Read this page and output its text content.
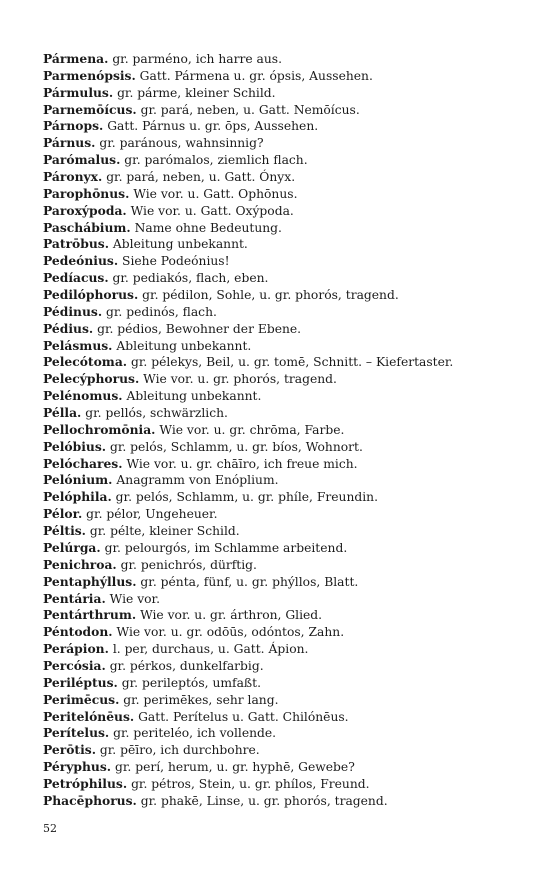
Pármena. gr. parméno, ich harre aus.
Parmenópsis. Gatt. Pármena u. gr. ópsis, Aussehen.
Pármulus. gr. párme, kleiner Schild.
Parnemōícus. gr. pará, neben, u. Gatt. Nemōícus.
Párnops. Gatt. Párnus u. gr. ōps, Aussehen.
Párnus. gr. paránous, wahnsinnig?
Parómalus. gr. parómalos, ziemlich flach.
Páronyx. gr. pará, neben, u. Gatt. Ónyx.
Parophōnus. Wie vor. u. Gatt. Ophōnus.
Paroxýpoda. Wie vor. u. Gatt. Oxýpoda.
Paschábium. Name ohne Bedeutung.
Patrōbus. Ableitung unbekannt.
Pedeónius. Siehe Podeónius!
Pedíacus. gr. pediakós, flach, eben.
Pedilóphorus. gr. pédilon, Sohle, u. gr. phorós, tragend.
Pédinus. gr. pedinós, flach.
Pédius. gr. pédios, Bewohner der Ebene.
Pelásmus. Ableitung unbekannt.
Pelecótoma. gr. pélekys, Beil, u. gr. tomē, Schnitt. – Kiefertaster.
Pelecýphorus. Wie vor. u. gr. phorós, tragend.
Pelénomus. Ableitung unbekannt.
Pélla. gr. pellós, schwärzlich.
Pellochromōnia. Wie vor. u. gr. chrōma, Farbe.
Pelóbius. gr. pelós, Schlamm, u. gr. bíos, Wohnort.
Pelóchares. Wie vor. u. gr. chāīro, ich freue mich.
Pelónium. Anagramm von Enóplium.
Pelóphila. gr. pelós, Schlamm, u. gr. phíle, Freundin.
Pélor. gr. pélor, Ungeheuer.
Péltis. gr. pélte, kleiner Schild.
Pelúrga. gr. pelourgós, im Schlamme arbeitend.
Penichroa. gr. penichrós, dürftig.
Pentaphýllus. gr. pénta, fünf, u. gr. phýllos, Blatt.
Pentária. Wie vor.
Pentárthrum. Wie vor. u. gr. árthron, Glied.
Péntodon. Wie vor. u. gr. odōūs, odóntos, Zahn.
Perápion. l. per, durchaus, u. Gatt. Ápion.
Percósia. gr. pérkos, dunkelfarbig.
Periléptus. gr. perileptós, umfaßt.
Perimēcus. gr. perimēkes, sehr lang.
Peritelónēus. Gatt. Perítelus u. Gatt. Chilónēus.
Perítelus. gr. periteléo, ich vollende.
Perōtis. gr. pēīro, ich durchbohre.
Péryphus. gr. perí, herum, u. gr. hyphē, Gewebe?
Petróphilus. gr. pétros, Stein, u. gr. phílos, Freund.
Phacēphorus. gr. phakē, Linse, u. gr. phorós, tragend.
52
